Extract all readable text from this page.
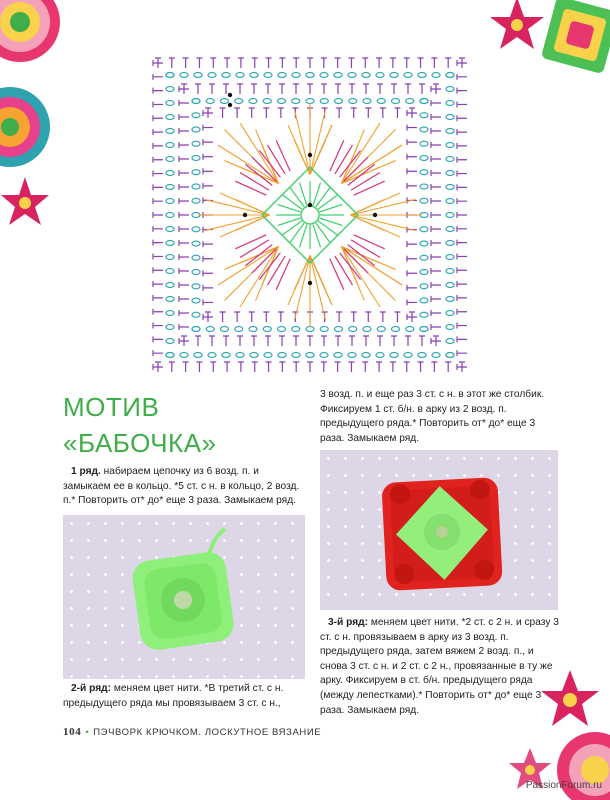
МОТИВ
«БАБОЧКА»
1 ряд. набираем цепочку из 6 возд. п. и замыкаем ее в кольцо. *5 ст. с н. в кольцо, 2 возд. п.* Повторить от* до* еще 3 раза. Замыкаем ряд.
2-й ряд: меняем цвет нити. *В третий ст. с н. предыдущего ряда мы провязываем 3 ст. с н.,
3 возд. п. и еще раз 3 ст. с н. в этот же столбик. Фиксируем 1 ст. б/н. в арку из 2 возд. п. предыдущего ряда.* Повторить от* до* еще 3 раза. Замыкаем ряд.
3-й ряд: меняем цвет нити. *2 ст. с 2 н. и сразу 3 ст. с н. провязываем в арку из 3 возд. п. предыдущего ряда, затем вяжем 2 возд. п., и снова 3 ст. с н. и 2 ст. с 2 н., провязанные в ту же арку. Фиксируем в ст. б/н. предыдущего ряда (между лепестками).* Повторить от* до* еще 3 раза. Замыкаем ряд.
104 • ПЭЧВОРК КРЮЧКОМ. ЛОСКУТНОЕ ВЯЗАНИЕ
PassionForum.ru
